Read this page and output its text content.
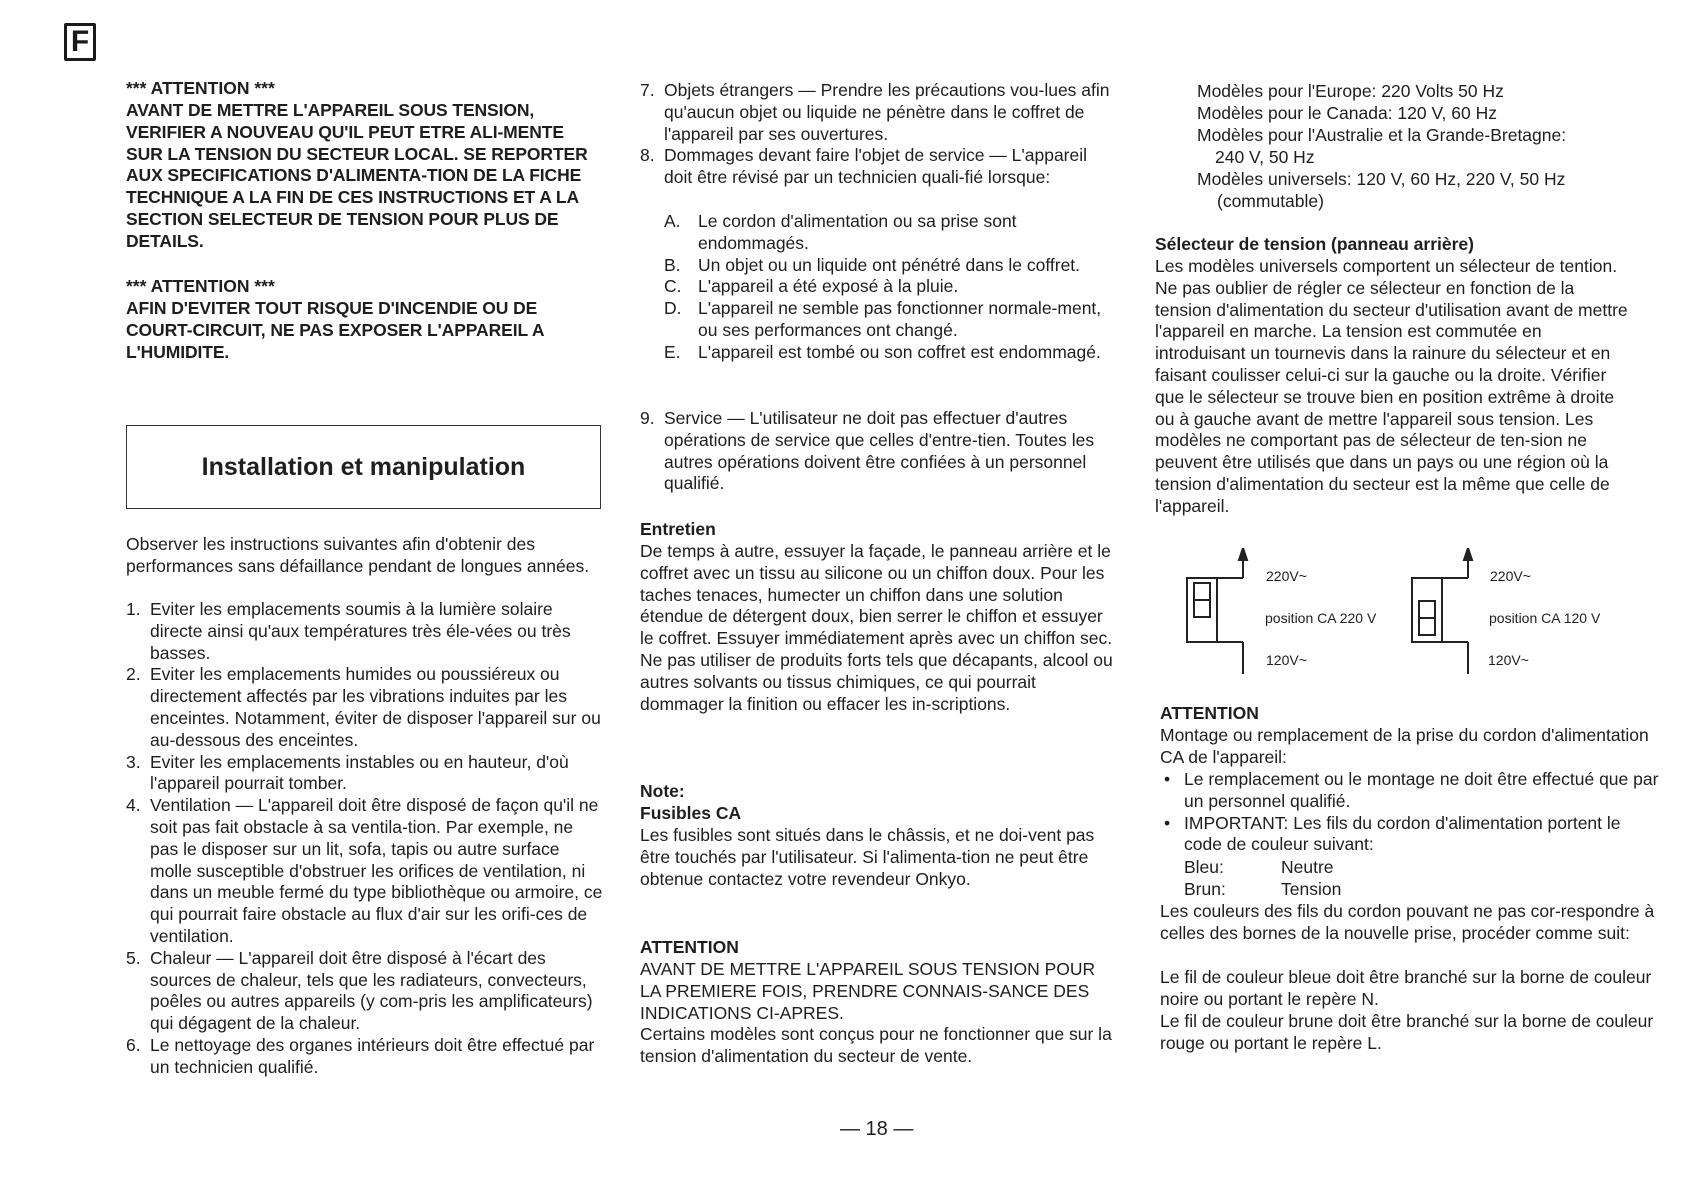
F

*** ATTENTION ***

AVANT DE METTRE L'APPAREIL SOUS TENSION, VERIFIER A NOUVEAU QU'IL PEUT ETRE ALI-MENTE SUR LA TENSION DU SECTEUR LOCAL. SE REPORTER AUX SPECIFICATIONS D'ALIMENTA-TION DE LA FICHE TECHNIQUE A LA FIN DE CES INSTRUCTIONS ET A LA SECTION SELECTEUR DE TENSION POUR PLUS DE DETAILS.

*** ATTENTION ***

AFIN D'EVITER TOUT RISQUE D'INCENDIE OU DE COURT-CIRCUIT, NE PAS EXPOSER L'APPAREIL A L'HUMIDITE.

Observer les instructions suivantes afin d'obtenir des performances sans défaillance pendant de longues années.

1. Eviter les emplacements soumis à la lumière solaire directe ainsi qu'aux températures très éle-vées ou très basses.
2. Eviter les emplacements humides ou poussiéreux ou directement affectés par les vibrations induites par les enceintes. Notamment, éviter de disposer l'appareil sur ou au-dessous des enceintes.
3. Eviter les emplacements instables ou en hauteur, d'où l'appareil pourrait tomber.
4. Ventilation — L'appareil doit être disposé de façon qu'il ne soit pas fait obstacle à sa ventila-tion. Par exemple, ne pas le disposer sur un lit, sofa, tapis ou autre surface molle susceptible d'obstruer les orifices de ventilation, ni dans un meuble fermé du type bibliothèque ou armoire, ce qui pourrait faire obstacle au flux d'air sur les orifi-ces de ventilation.
5. Chaleur — L'appareil doit être disposé à l'écart des sources de chaleur, tels que les radiateurs, convecteurs, poêles ou autres appareils (y com-pris les amplificateurs) qui dégagent de la chaleur.
6. Le nettoyage des organes intérieurs doit être effectué par un technicien qualifié.
Installation et manipulation
7. Objets étrangers — Prendre les précautions vou-lues afin qu'aucun objet ou liquide ne pénètre dans le coffret de l'appareil par ses ouvertures.
8. Dommages devant faire l'objet de service — L'appareil doit être révisé par un technicien quali-fié lorsque:
A. Le cordon d'alimentation ou sa prise sont endommagés.
B. Un objet ou un liquide ont pénétré dans le coffret.
C. L'appareil a été exposé à la pluie.
D. L'appareil ne semble pas fonctionner normale-ment, ou ses performances ont changé.
E. L'appareil est tombé ou son coffret est endommagé.
9. Service — L'utilisateur ne doit pas effectuer d'autres opérations de service que celles d'entre-tien. Toutes les autres opérations doivent être confiées à un personnel qualifié.

Entretien

De temps à autre, essuyer la façade, le panneau arrière et le coffret avec un tissu au silicone ou un chiffon doux. Pour les taches tenaces, humecter un chiffon dans une solution étendue de détergent doux, bien serrer le chiffon et essuyer le coffret. Essuyer immédiatement après avec un chiffon sec. Ne pas utiliser de produits forts tels que décapants, alcool ou autres solvants ou tissus chimiques, ce qui pourrait dommager la finition ou effacer les in-scriptions.

Note:

Fusibles CA

Les fusibles sont situés dans le châssis, et ne doi-vent pas être touchés par l'utilisateur. Si l'alimenta-tion ne peut être obtenue contactez votre revendeur Onkyo.

ATTENTION

AVANT DE METTRE L'APPAREIL SOUS TENSION POUR LA PREMIERE FOIS, PRENDRE CONNAIS-SANCE DES INDICATIONS CI-APRES.

Certains modèles sont conçus pour ne fonctionner que sur la tension d'alimentation du secteur de vente.

— 18 —

Modèles pour l'Europe: 220 Volts 50 Hz

Modèles pour le Canada: 120 V, 60 Hz

Modèles pour l'Australie et la Grande-Bretagne:

240 V, 50 Hz

Modèles universels: 120 V, 60 Hz, 220 V, 50 Hz

(commutable)

Sélecteur de tension (panneau arrière)

Les modèles universels comportent un sélecteur de tention. Ne pas oublier de régler ce sélecteur en fonction de la tension d'alimentation du secteur d'utilisation avant de mettre l'appareil en marche. La tension est commutée en introduisant un tournevis dans la rainure du sélecteur et en faisant coulisser celui-ci sur la gauche ou la droite. Vérifier que le sélecteur se trouve bien en position extrême à droite ou à gauche avant de mettre l'appareil sous tension. Les modèles ne comportant pas de sélecteur de ten-sion ne peuvent être utilisés que dans un pays ou une région où la tension d'alimentation du secteur est la même que celle de l'appareil.

ATTENTION

Montage ou remplacement de la prise du cordon d'alimentation CA de l'appareil:

• Le remplacement ou le montage ne doit être effectué que par un personnel qualifié.
• IMPORTANT: Les fils du cordon d'alimentation portent le code de couleur suivant:
Bleu:	Neutre
Brun:	Tension

Les couleurs des fils du cordon pouvant ne pas cor-respondre à celles des bornes de la nouvelle prise, procéder comme suit:

Le fil de couleur bleue doit être branché sur la borne de couleur noire ou portant le repère N.

Le fil de couleur brune doit être branché sur la borne de couleur rouge ou portant le repère L.

220V~
position CA 220 V
120V~
220V~
position CA 120 V
120V~
